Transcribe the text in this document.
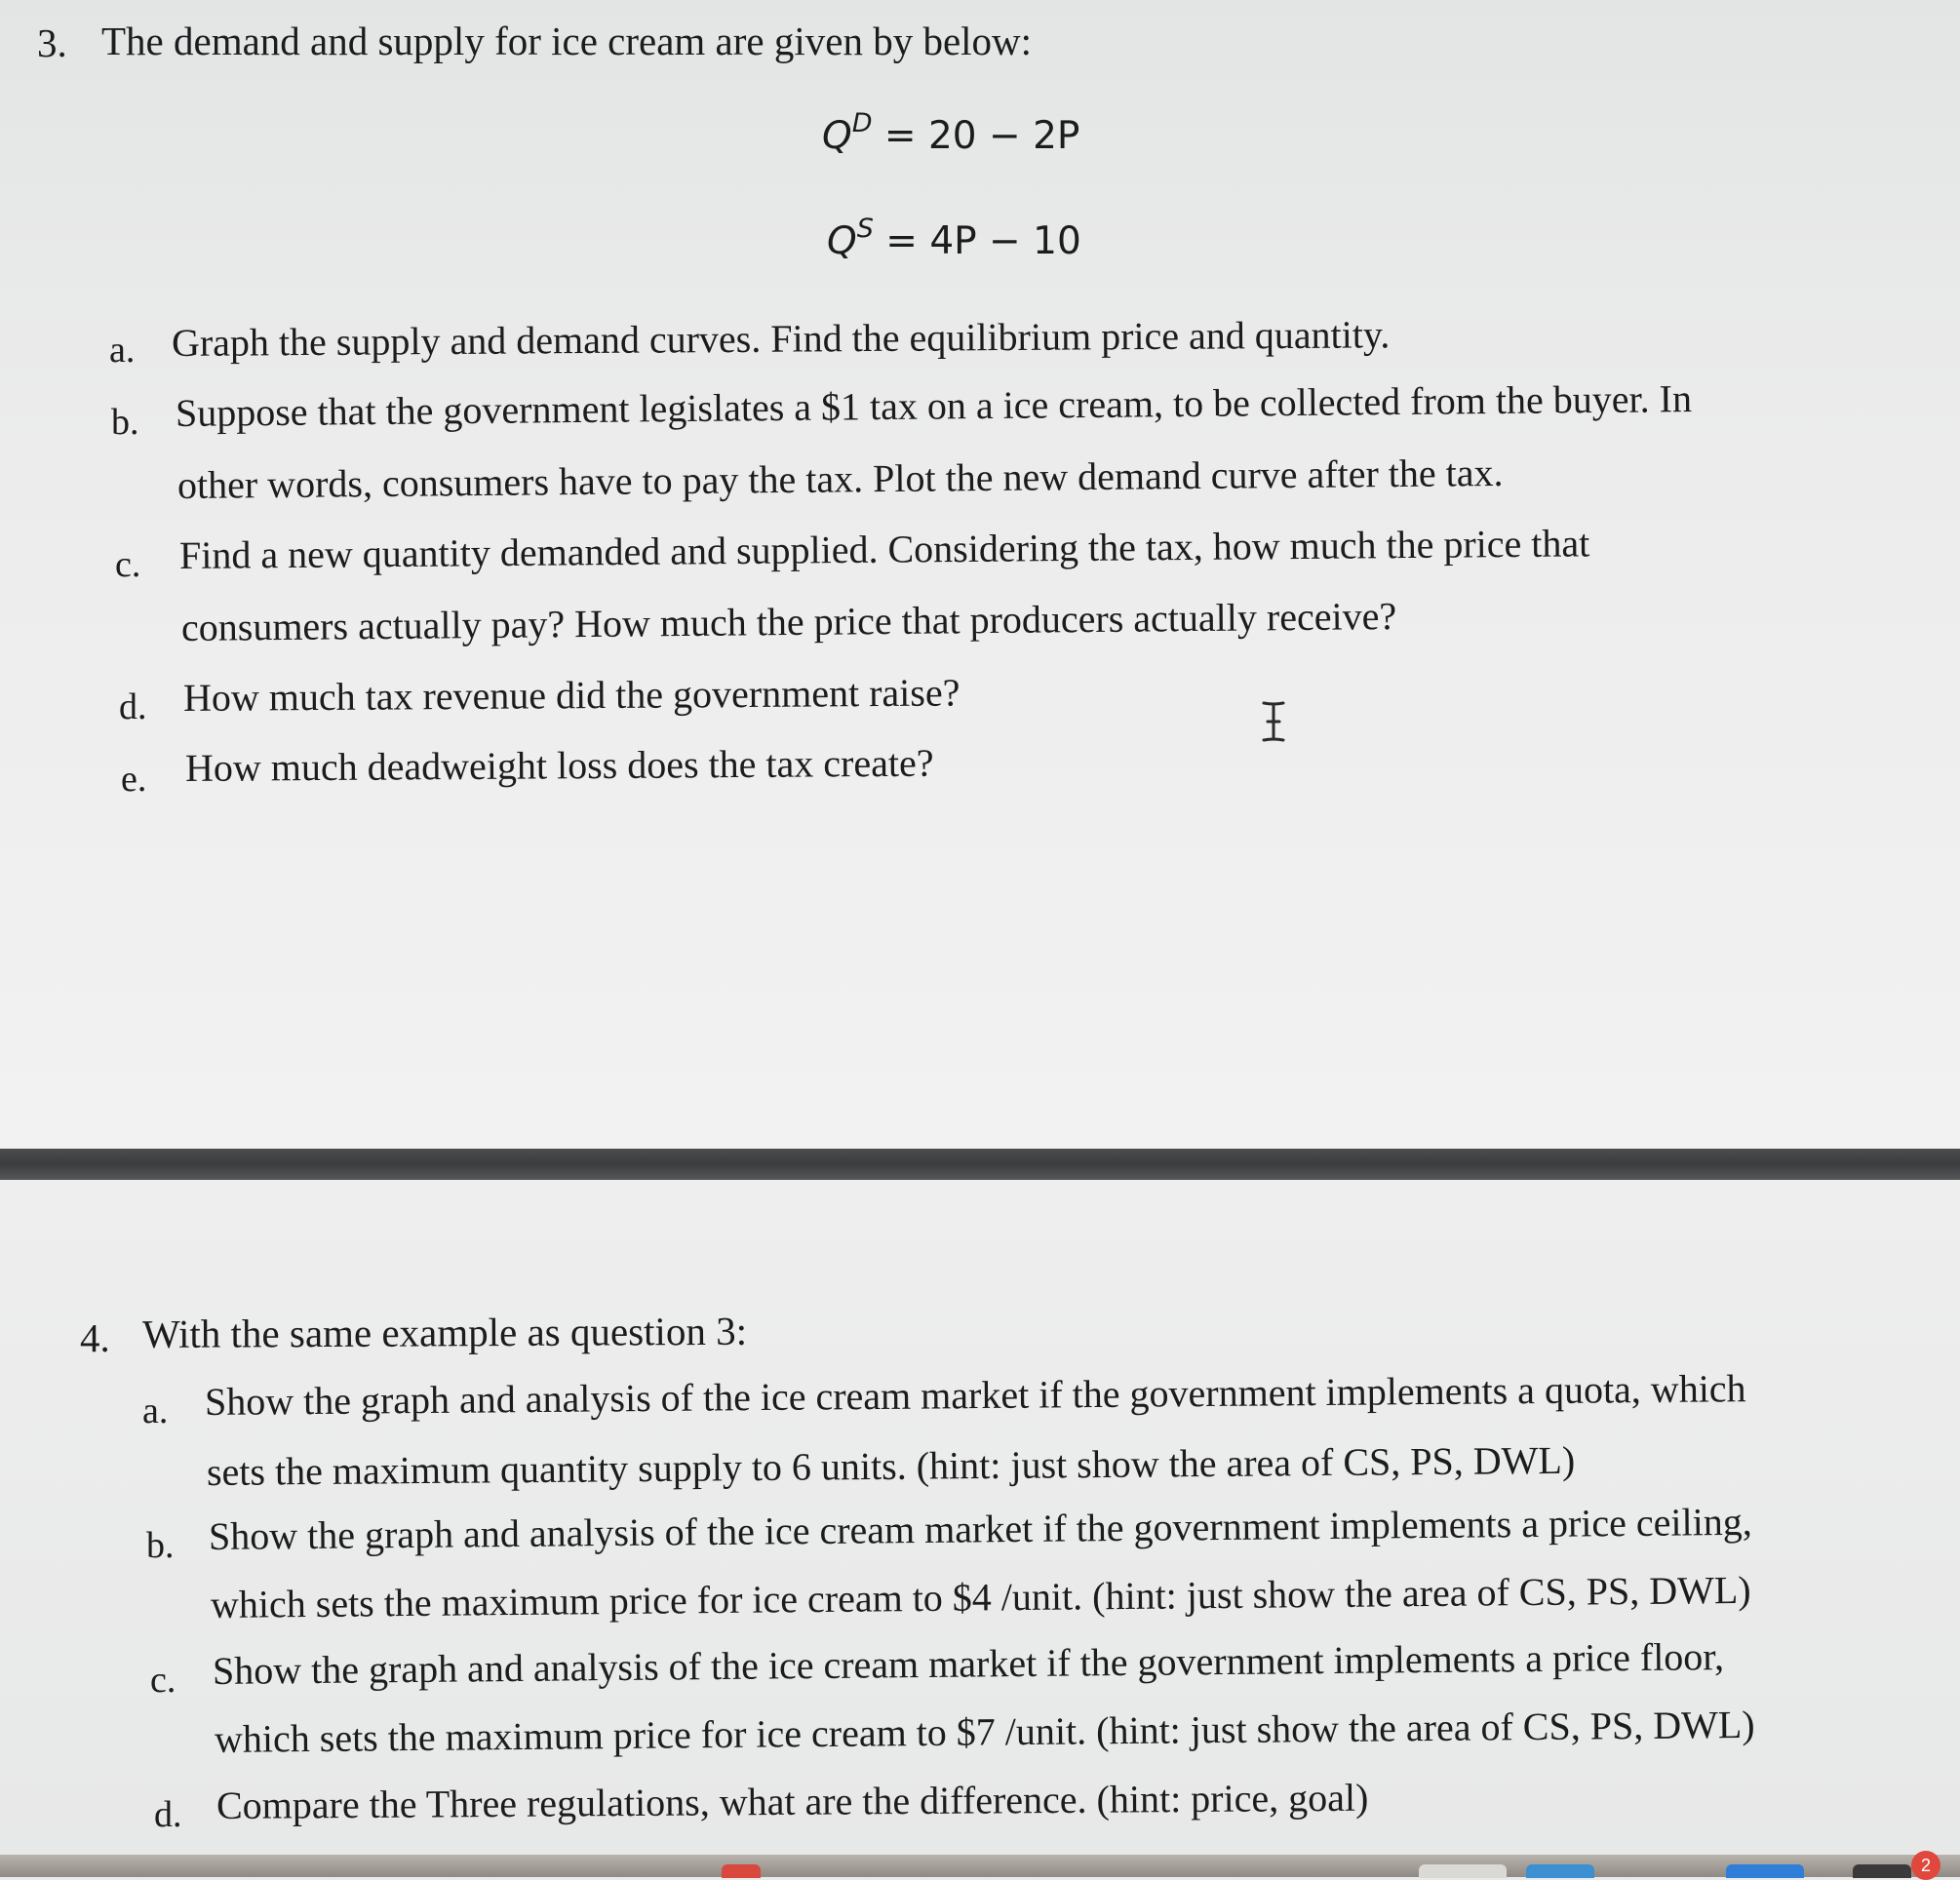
3. The demand and supply for ice cream are given by below:
$Q^D = 20 - 2P$
$Q^S = 4P - 10$
a. Graph the supply and demand curves. Find the equilibrium price and quantity.
b. Suppose that the government legislates a $1 tax on a ice cream, to be collected from the buyer. In
other words, consumers have to pay the tax. Plot the new demand curve after the tax.
c. Find a new quantity demanded and supplied. Considering the tax, how much the price that
consumers actually pay? How much the price that producers actually receive?
d. How much tax revenue did the government raise?
e. How much deadweight loss does the tax create?
4. With the same example as question 3:
a. Show the graph and analysis of the ice cream market if the government implements a quota, which
sets the maximum quantity supply to 6 units. (hint: just show the area of CS, PS, DWL)
b. Show the graph and analysis of the ice cream market if the government implements a price ceiling,
which sets the maximum price for ice cream to $4 /unit. (hint: just show the area of CS, PS, DWL)
c. Show the graph and analysis of the ice cream market if the government implements a price floor,
which sets the maximum price for ice cream to $7 /unit. (hint: just show the area of CS, PS, DWL)
d. Compare the Three regulations, what are the difference. (hint: price, goal)
2
